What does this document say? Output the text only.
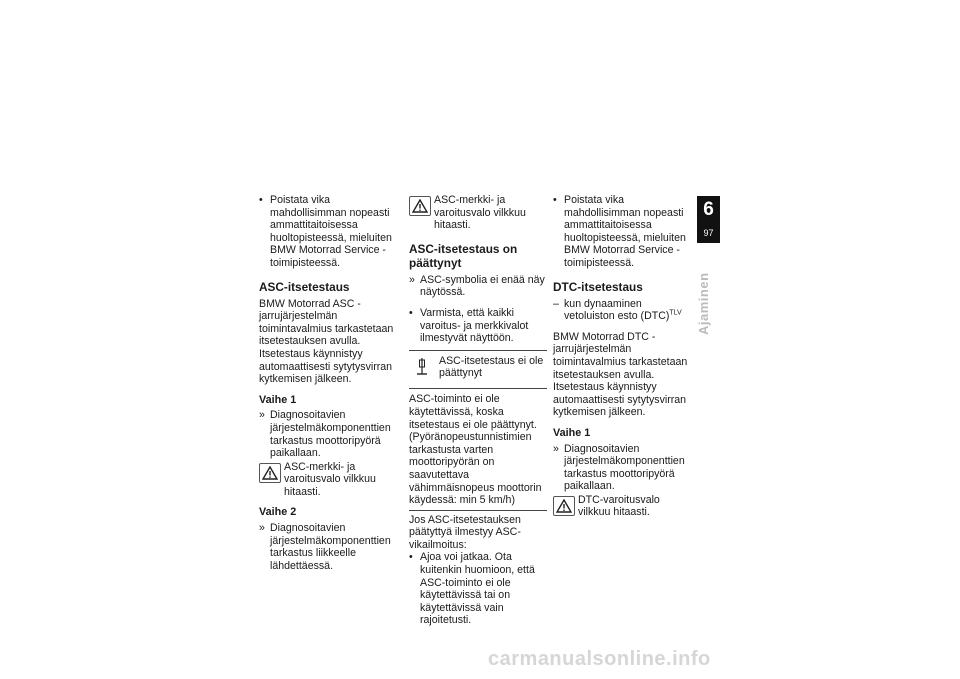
• Poistata vika mahdollisimman nopeasti ammattitaitoisessa huoltopisteessä, mieluiten BMW Motorrad Service -toimipisteessä.
ASC-itsetestaus
BMW Motorrad ASC -jarrujärjestelmän toimintavalmius tarkastetaan itsetestauksen avulla. Itsetestaus käynnistyy automaattisesti sytytysvirran kytkemisen jälkeen.
Vaihe 1
» Diagnosoitavien järjestelmäkomponenttien tarkastus moottoripyörä paikallaan.
ASC-merkki- ja varoitusvalo vilkkuu hitaasti.
Vaihe 2
» Diagnosoitavien järjestelmäkomponenttien tarkastus liikkeelle lähdettäessä.
ASC-merkki- ja varoitusvalo vilkkuu hitaasti.
ASC-itsetestaus on päättynyt
» ASC-symbolia ei enää näy näytössä.
• Varmista, että kaikki varoitus- ja merkkivalot ilmestyvät näyttöön.
ASC-itsetestaus ei ole päättynyt
ASC-toiminto ei ole käytettävissä, koska itsetestaus ei ole päättynyt. (Pyöränopeustunnistimien tarkastusta varten moottoripyörän on saavutettava vähimmäisnopeus moottorin käydessä: min 5 km/h)
Jos ASC-itsetestauksen päätyttyä ilmestyy ASC-vikailmoitus:
• Ajoa voi jatkaa. Ota kuitenkin huomioon, että ASC-toiminto ei ole käytettävissä tai on käytettävissä vain rajoitetusti.
• Poistata vika mahdollisimman nopeasti ammattitaitoisessa huoltopisteessä, mieluiten BMW Motorrad Service -toimipisteessä.
DTC-itsetestaus
– kun dynaaminen vetoluiston esto (DTC)$^{TLV}$
BMW Motorrad DTC -jarrujärjestelmän toimintavalmius tarkastetaan itsetestauksen avulla. Itsetestaus käynnistyy automaattisesti sytytysvirran kytkemisen jälkeen.
Vaihe 1
» Diagnosoitavien järjestelmäkomponenttien tarkastus moottoripyörä paikallaan.
DTC-varoitusvalo vilkkuu hitaasti.
6
97
Ajaminen
carmanualsonline.info
